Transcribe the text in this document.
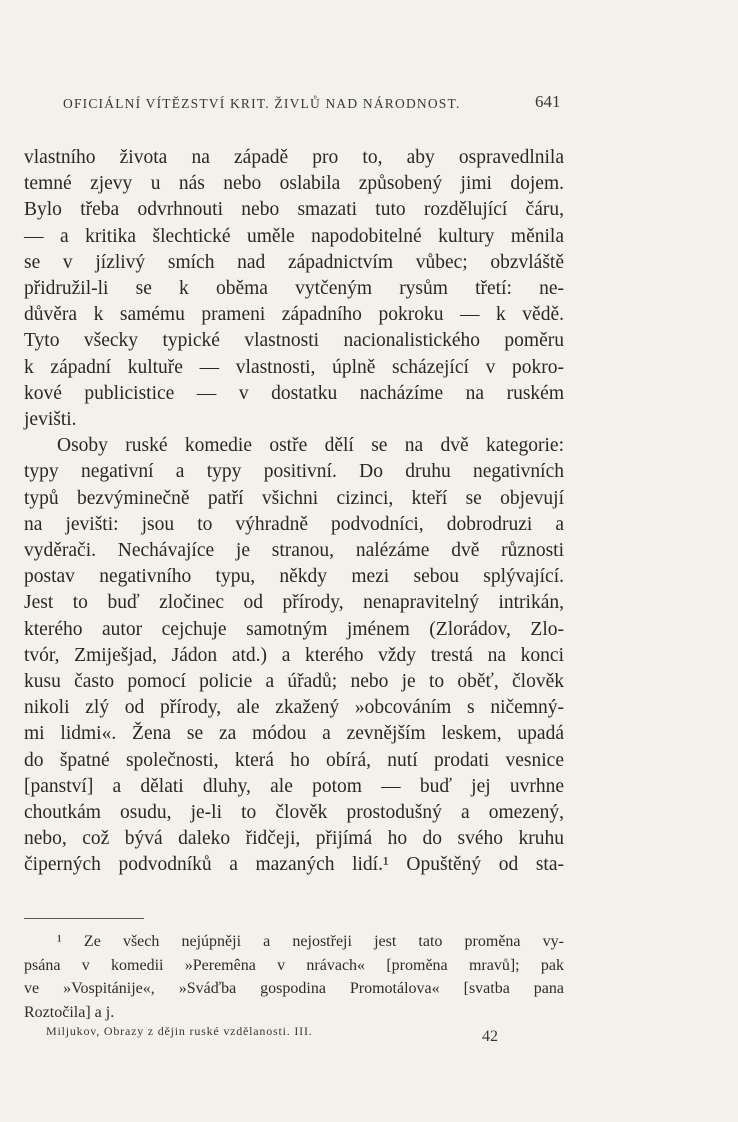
OFICIÁLNÍ VÍTĚZSTVÍ KRIT. ŽIVLŮ NAD NÁRODNOST.	641
vlastního života na západě pro to, aby ospravedlnila
temné zjevy u nás nebo oslabila způsobený jimi dojem.
Bylo třeba odvrhnouti nebo smazati tuto rozdělující čáru,
— a kritika šlechtické uměle napodobitelné kultury měnila
se v jízlivý smích nad západnictvím vůbec; obzvláště
přidružil-li se k oběma vytčeným rysům třetí: ne-
důvěra k samému prameni západního pokroku — k vědě.
Tyto všecky typické vlastnosti nacionalistického poměru
k západní kultuře — vlastnosti, úplně scházející v pokro-
kové publicistice — v dostatku nacházíme na ruském
jevišti.
Osoby ruské komedie ostře dělí se na dvě kategorie:
typy negativní a typy positivní. Do druhu negativních
typů bezvýminečně patří všichni cizinci, kteří se objevují
na jevišti: jsou to výhradně podvodníci, dobrodruzi a
vyděrači. Nechávajíce je stranou, nalézáme dvě různosti
postav negativního typu, někdy mezi sebou splývající.
Jest to buď zločinec od přírody, nenapravitelný intrikán,
kterého autor cejchuje samotným jménem (Zlorádov, Zlo-
tvór, Zmiješjad, Jádon atd.) a kterého vždy trestá na konci
kusu často pomocí policie a úřadů; nebo je to oběť, člověk
nikoli zlý od přírody, ale zkažený »obcováním s ničemný-
mi lidmi«. Žena se za módou a zevnějším leskem, upadá
do špatné společnosti, která ho obírá, nutí prodati vesnice
[panství] a dělati dluhy, ale potom — buď jej uvrhne
choutkám osudu, je-li to člověk prostodušný a omezený,
nebo, což bývá daleko řidčeji, přijímá ho do svého kruhu
čiperných podvodníků a mazaných lidí.¹ Opuštěný od sta-
¹ Ze všech nejúpněji a nejostřeji jest tato proměna vy-
psána v komedii »Peremêna v nrávach« [proměna mravů]; pak
ve »Vospitánije«, »Sváďba gospodina Promotálova« [svatba pana
Roztočila] a j.
Miljukov, Obrazy z dějin ruské vzdělanosti. III.	42
